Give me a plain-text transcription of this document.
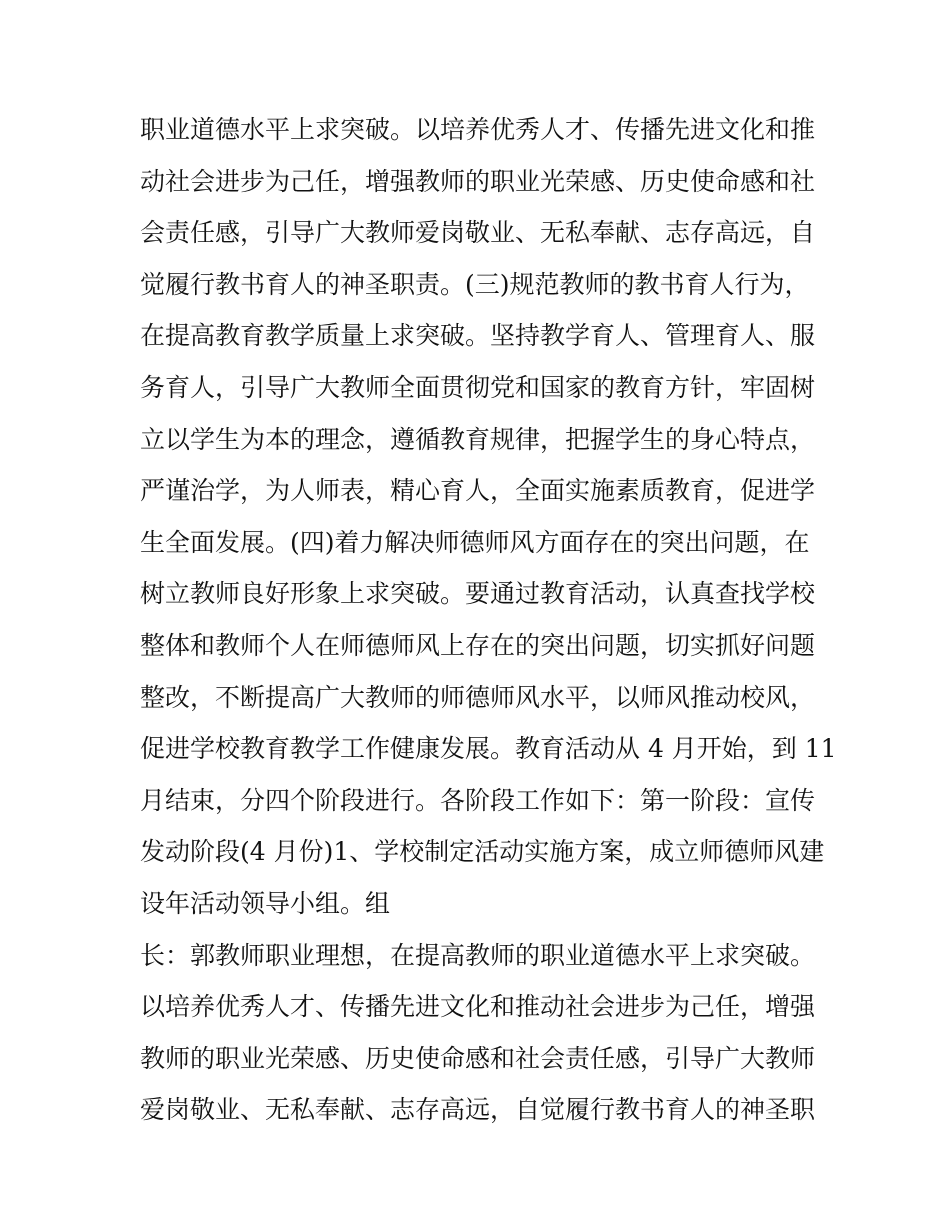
职业道德水平上求突破。以培养优秀人才、传播先进文化和推
动社会进步为己任，增强教师的职业光荣感、历史使命感和社
会责任感，引导广大教师爱岗敬业、无私奉献、志存高远，自
觉履行教书育人的神圣职责。(三)规范教师的教书育人行为，
在提高教育教学质量上求突破。坚持教学育人、管理育人、服
务育人，引导广大教师全面贯彻党和国家的教育方针，牢固树
立以学生为本的理念，遵循教育规律，把握学生的身心特点，
严谨治学，为人师表，精心育人，全面实施素质教育，促进学
生全面发展。(四)着力解决师德师风方面存在的突出问题，在
树立教师良好形象上求突破。要通过教育活动，认真查找学校
整体和教师个人在师德师风上存在的突出问题，切实抓好问题
整改，不断提高广大教师的师德师风水平，以师风推动校风，
促进学校教育教学工作健康发展。教育活动从 4 月开始，到 11
月结束，分四个阶段进行。各阶段工作如下：第一阶段：宣传
发动阶段(4 月份)1、学校制定活动实施方案，成立师德师风建
设年活动领导小组。组
长：郭教师职业理想，在提高教师的职业道德水平上求突破。
以培养优秀人才、传播先进文化和推动社会进步为己任，增强
教师的职业光荣感、历史使命感和社会责任感，引导广大教师
爱岗敬业、无私奉献、志存高远，自觉履行教书育人的神圣职
